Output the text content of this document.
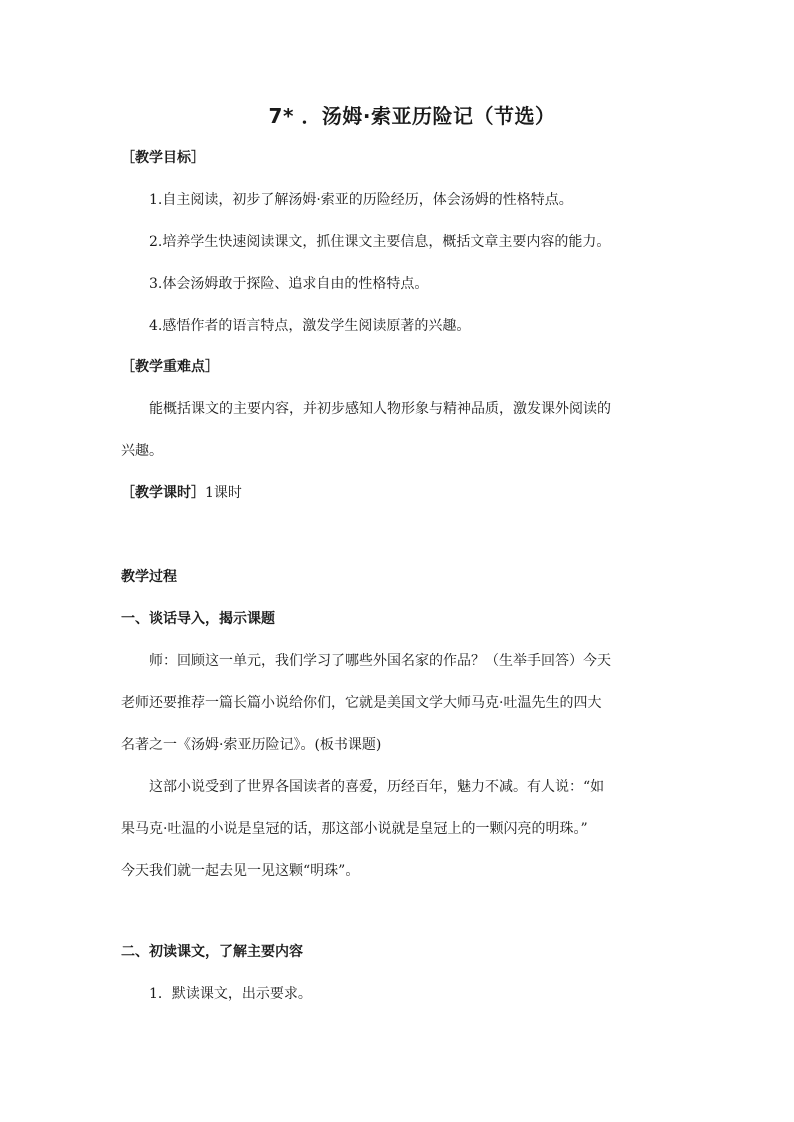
7* ．汤姆·索亚历险记（节选）
［教学目标］
1.自主阅读，初步了解汤姆·索亚的历险经历，体会汤姆的性格特点。
2.培养学生快速阅读课文，抓住课文主要信息，概括文章主要内容的能力。
3.体会汤姆敢于探险、追求自由的性格特点。
4.感悟作者的语言特点，激发学生阅读原著的兴趣。
［教学重难点］
能概括课文的主要内容，并初步感知人物形象与精神品质，激发课外阅读的
兴趣。
［教学课时］1课时
教学过程
一、谈话导入，揭示课题
师：回顾这一单元，我们学习了哪些外国名家的作品？（生举手回答）今天
老师还要推荐一篇长篇小说给你们，它就是美国文学大师马克·吐温先生的四大
名著之一《汤姆·索亚历险记》。(板书课题)
这部小说受到了世界各国读者的喜爱，历经百年，魅力不减。有人说：“如
果马克·吐温的小说是皇冠的话，那这部小说就是皇冠上的一颗闪亮的明珠。”
今天我们就一起去见一见这颗“明珠”。
二、初读课文，了解主要内容
1．默读课文，出示要求。
